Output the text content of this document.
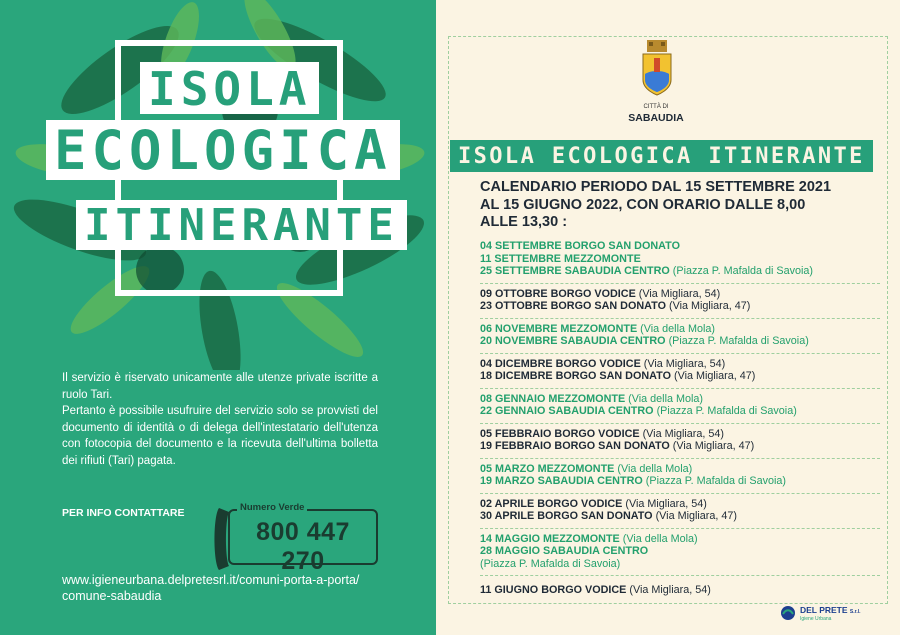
ISOLA
ECOLOGICA
ITINERANTE

Il servizio è riservato unicamente alle utenze private iscritte a ruolo Tari.

Pertanto è possibile usufruire del servizio solo se provvisti del documento di identità o di delega dell'intestatario dell'utenza con fotocopia del documento e la ricevuta dell'ultima bolletta dei rifiuti (Tari) pagata.

PER INFO CONTATTARE	Numero Verde
800 447 270
www.igieneurbana.delpretesrl.it/comuni-porta-a-porta/
comune-sabaudia
CITTÀ DI
SABAUDIA
ISOLA ECOLOGICA ITINERANTE
CALENDARIO PERIODO DAL 15 SETTEMBRE 2021
AL 15 GIUGNO 2022, CON ORARIO DALLE 8,00
ALLE 13,30 :
04 SETTEMBRE BORGO SAN DONATO
11 SETTEMBRE MEZZOMONTE
25 SETTEMBRE SABAUDIA CENTRO (Piazza P. Mafalda di Savoia)
09 OTTOBRE BORGO VODICE (Via Migliara, 54)
23 OTTOBRE BORGO SAN DONATO (Via Migliara, 47)
06 NOVEMBRE MEZZOMONTE (Via della Mola)
20 NOVEMBRE SABAUDIA CENTRO (Piazza P. Mafalda di Savoia)
04 DICEMBRE BORGO VODICE (Via Migliara, 54)
18 DICEMBRE BORGO SAN DONATO (Via Migliara, 47)
08 GENNAIO MEZZOMONTE (Via della Mola)
22 GENNAIO SABAUDIA CENTRO (Piazza P. Mafalda di Savoia)
05 FEBBRAIO BORGO VODICE (Via Migliara, 54)
19 FEBBRAIO BORGO SAN DONATO (Via Migliara, 47)
05 MARZO MEZZOMONTE (Via della Mola)
19 MARZO SABAUDIA CENTRO (Piazza P. Mafalda di Savoia)
02 APRILE BORGO VODICE (Via Migliara, 54)
30 APRILE BORGO SAN DONATO (Via Migliara, 47)
14 MAGGIO MEZZOMONTE (Via della Mola)
28 MAGGIO SABAUDIA CENTRO
(Piazza P. Mafalda di Savoia)
11 GIUGNO BORGO VODICE (Via Migliara, 54)
DEL PRETE S.r.l.
Igiene Urbana
